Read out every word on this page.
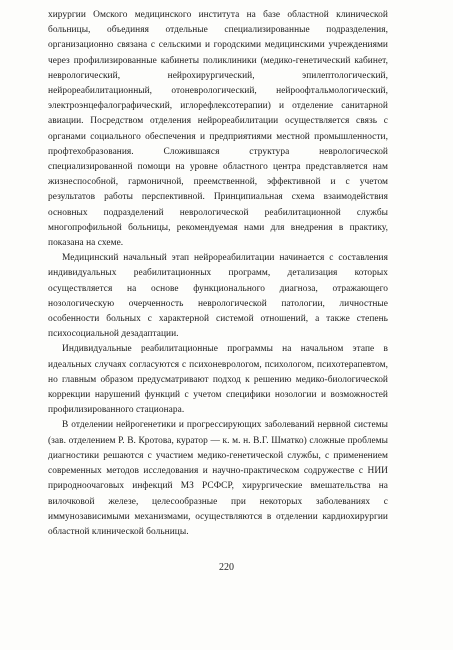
хирургии Омского медицинского института на базе областной клинической больницы, объединяя отдельные специализированные подразделения, организационно связана с сельскими и городскими медицинскими учреждениями через профилизированные кабинеты поликлиники (медико-генетический кабинет, неврологический, нейрохирургический, эпилептологический, нейрореабилитационный, отоневрологический, нейроофтальмологический, электроэнцефалографический, иглорефлексотерапии) и отделение санитарной авиации. Посредством отделения нейрореабилитации осуществляется связь с органами социального обеспечения и предприятиями местной промышленности, профтехобразования. Сложившаяся структура неврологической специализированной помощи на уровне областного центра представляется нам жизнеспособной, гармоничной, преемственной, эффективной и с учетом результатов работы перспективной. Принципиальная схема взаимодействия основных подразделений неврологической реабилитационной службы многопрофильной больницы, рекомендуемая нами для внедрения в практику, показана на схеме.

Медицинский начальный этап нейрореабилитации начинается с составления индивидуальных реабилитационных программ, детализация которых осуществляется на основе функционального диагноза, отражающего нозологическую очерченность неврологической патологии, личностные особенности больных с характерной системой отношений, а также степень психосоциальной дезадаптации.

Индивидуальные реабилитационные программы на начальном этапе в идеальных случаях согласуются с психоневрологом, психологом, психотерапевтом, но главным образом предусматривают подход к решению медико-биологической коррекции нарушений функций с учетом специфики нозологии и возможностей профилизированного стационара.

В отделении нейрогенетики и прогрессирующих заболеваний нервной системы (зав. отделением Р. В. Кротова, куратор — к. м. н. В.Г. Шматко) сложные проблемы диагностики решаются с участием медико-генетической службы, с применением современных методов исследования и научно-практическом содружестве с НИИ природноочаговых инфекций МЗ РСФСР, хирургические вмешательства на вилочковой железе, целесообразные при некоторых заболеваниях с иммунозависимыми механизмами, осуществляются в отделении кардиохирургии областной клинической больницы.

220
